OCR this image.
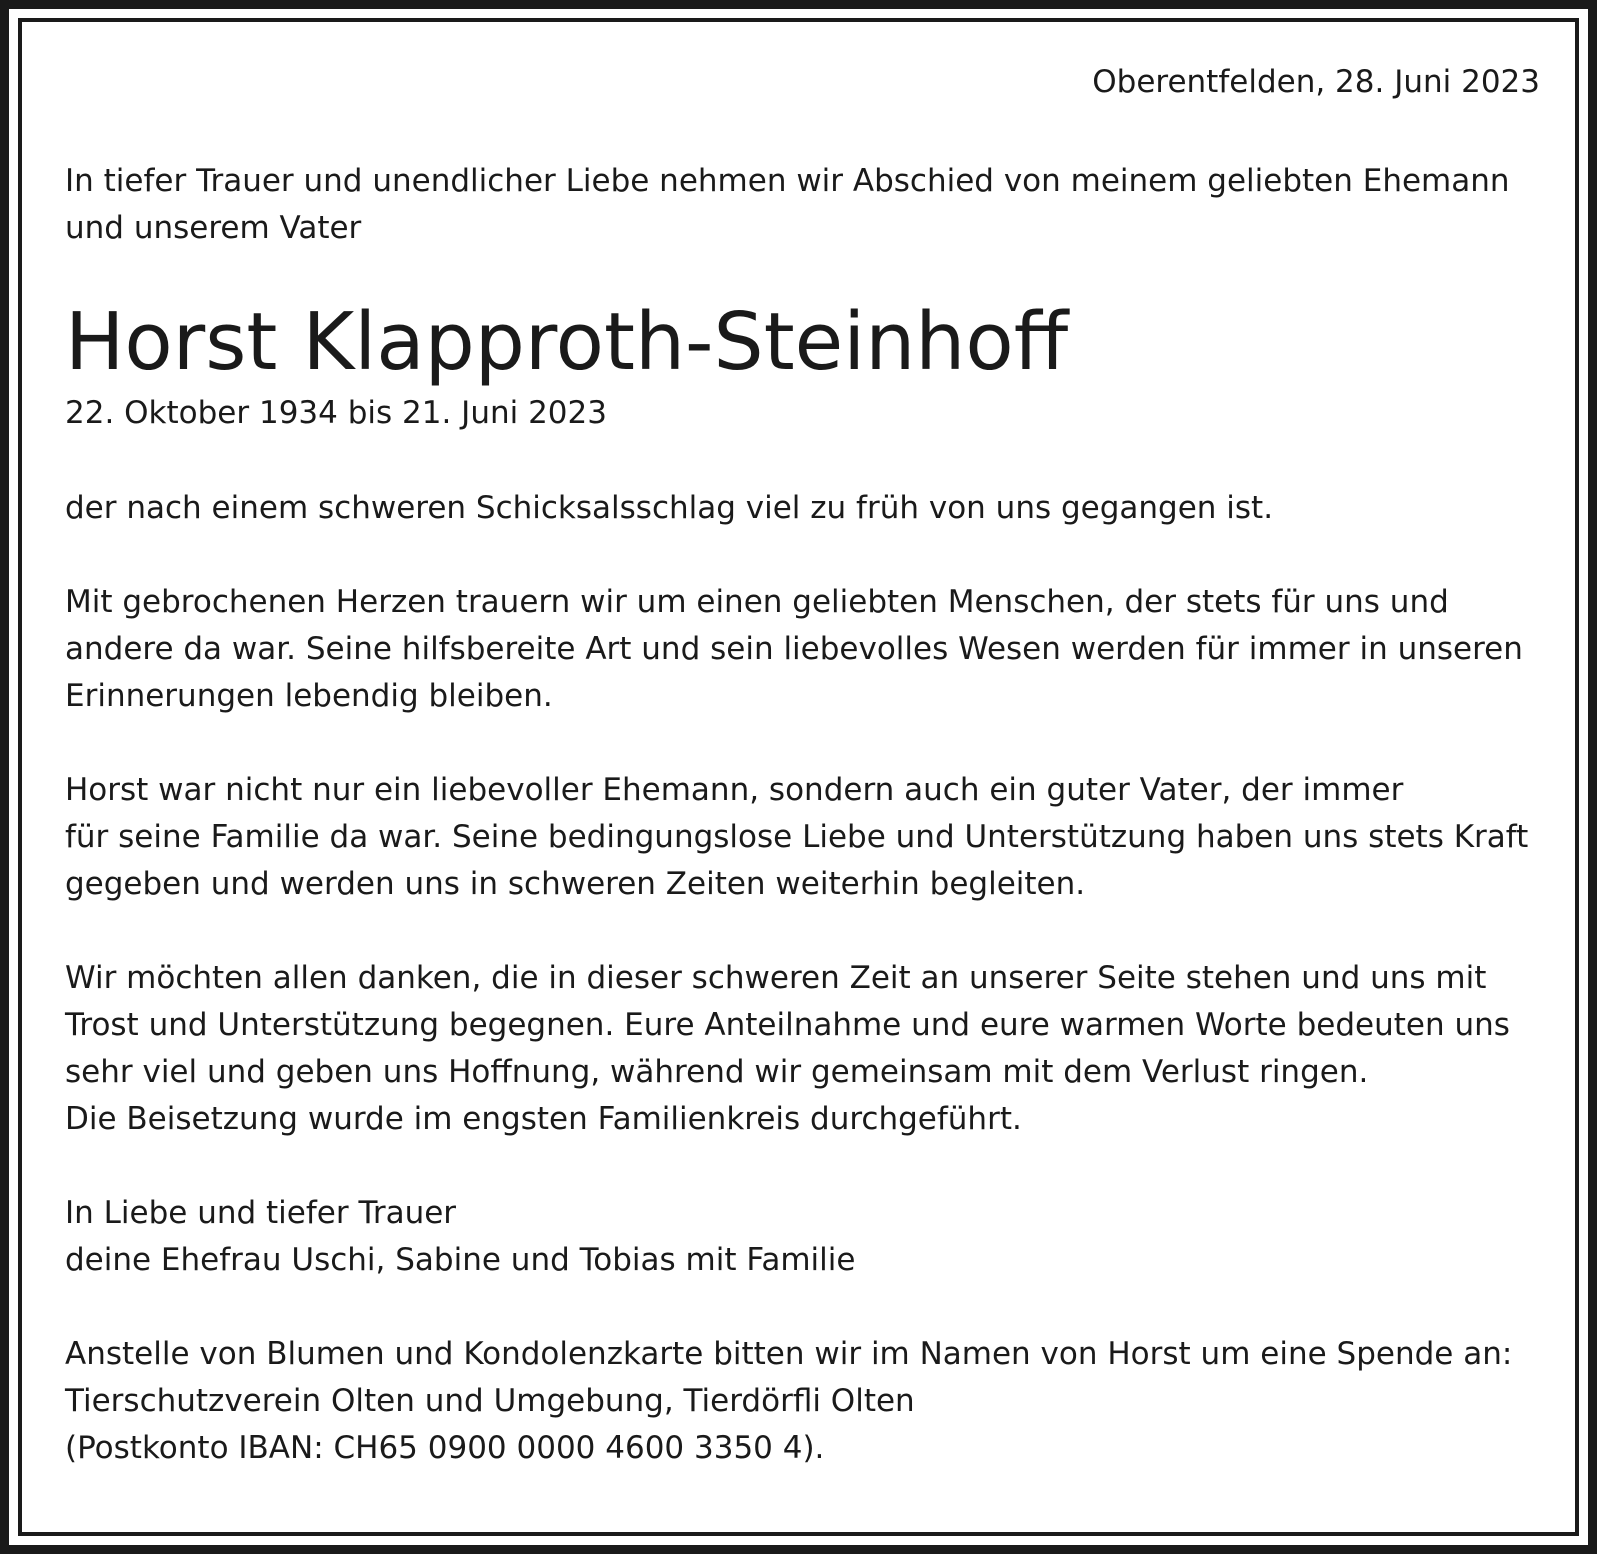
Oberentfelden, 28. Juni 2023

In tiefer Trauer und unendlicher Liebe nehmen wir Abschied von meinem geliebten Ehemann
und unserem Vater

Horst Klapproth-Steinhoff

22. Oktober 1934 bis 21. Juni 2023

der nach einem schweren Schicksalsschlag viel zu früh von uns gegangen ist.

Mit gebrochenen Herzen trauern wir um einen geliebten Menschen, der stets für uns und
andere da war. Seine hilfsbereite Art und sein liebevolles Wesen werden für immer in unseren
Erinnerungen lebendig bleiben.

Horst war nicht nur ein liebevoller Ehemann, sondern auch ein guter Vater, der immer
für seine Familie da war. Seine bedingungslose Liebe und Unterstützung haben uns stets Kraft
gegeben und werden uns in schweren Zeiten weiterhin begleiten.

Wir möchten allen danken, die in dieser schweren Zeit an unserer Seite stehen und uns mit
Trost und Unterstützung begegnen. Eure Anteilnahme und eure warmen Worte bedeuten uns
sehr viel und geben uns Hoffnung, während wir gemeinsam mit dem Verlust ringen.
Die Beisetzung wurde im engsten Familienkreis durchgeführt.

In Liebe und tiefer Trauer
deine Ehefrau Uschi, Sabine und Tobias mit Familie

Anstelle von Blumen und Kondolenzkarte bitten wir im Namen von Horst um eine Spende an:
Tierschutzverein Olten und Umgebung, Tierdörfli Olten
(Postkonto IBAN: CH65 0900 0000 4600 3350 4).
